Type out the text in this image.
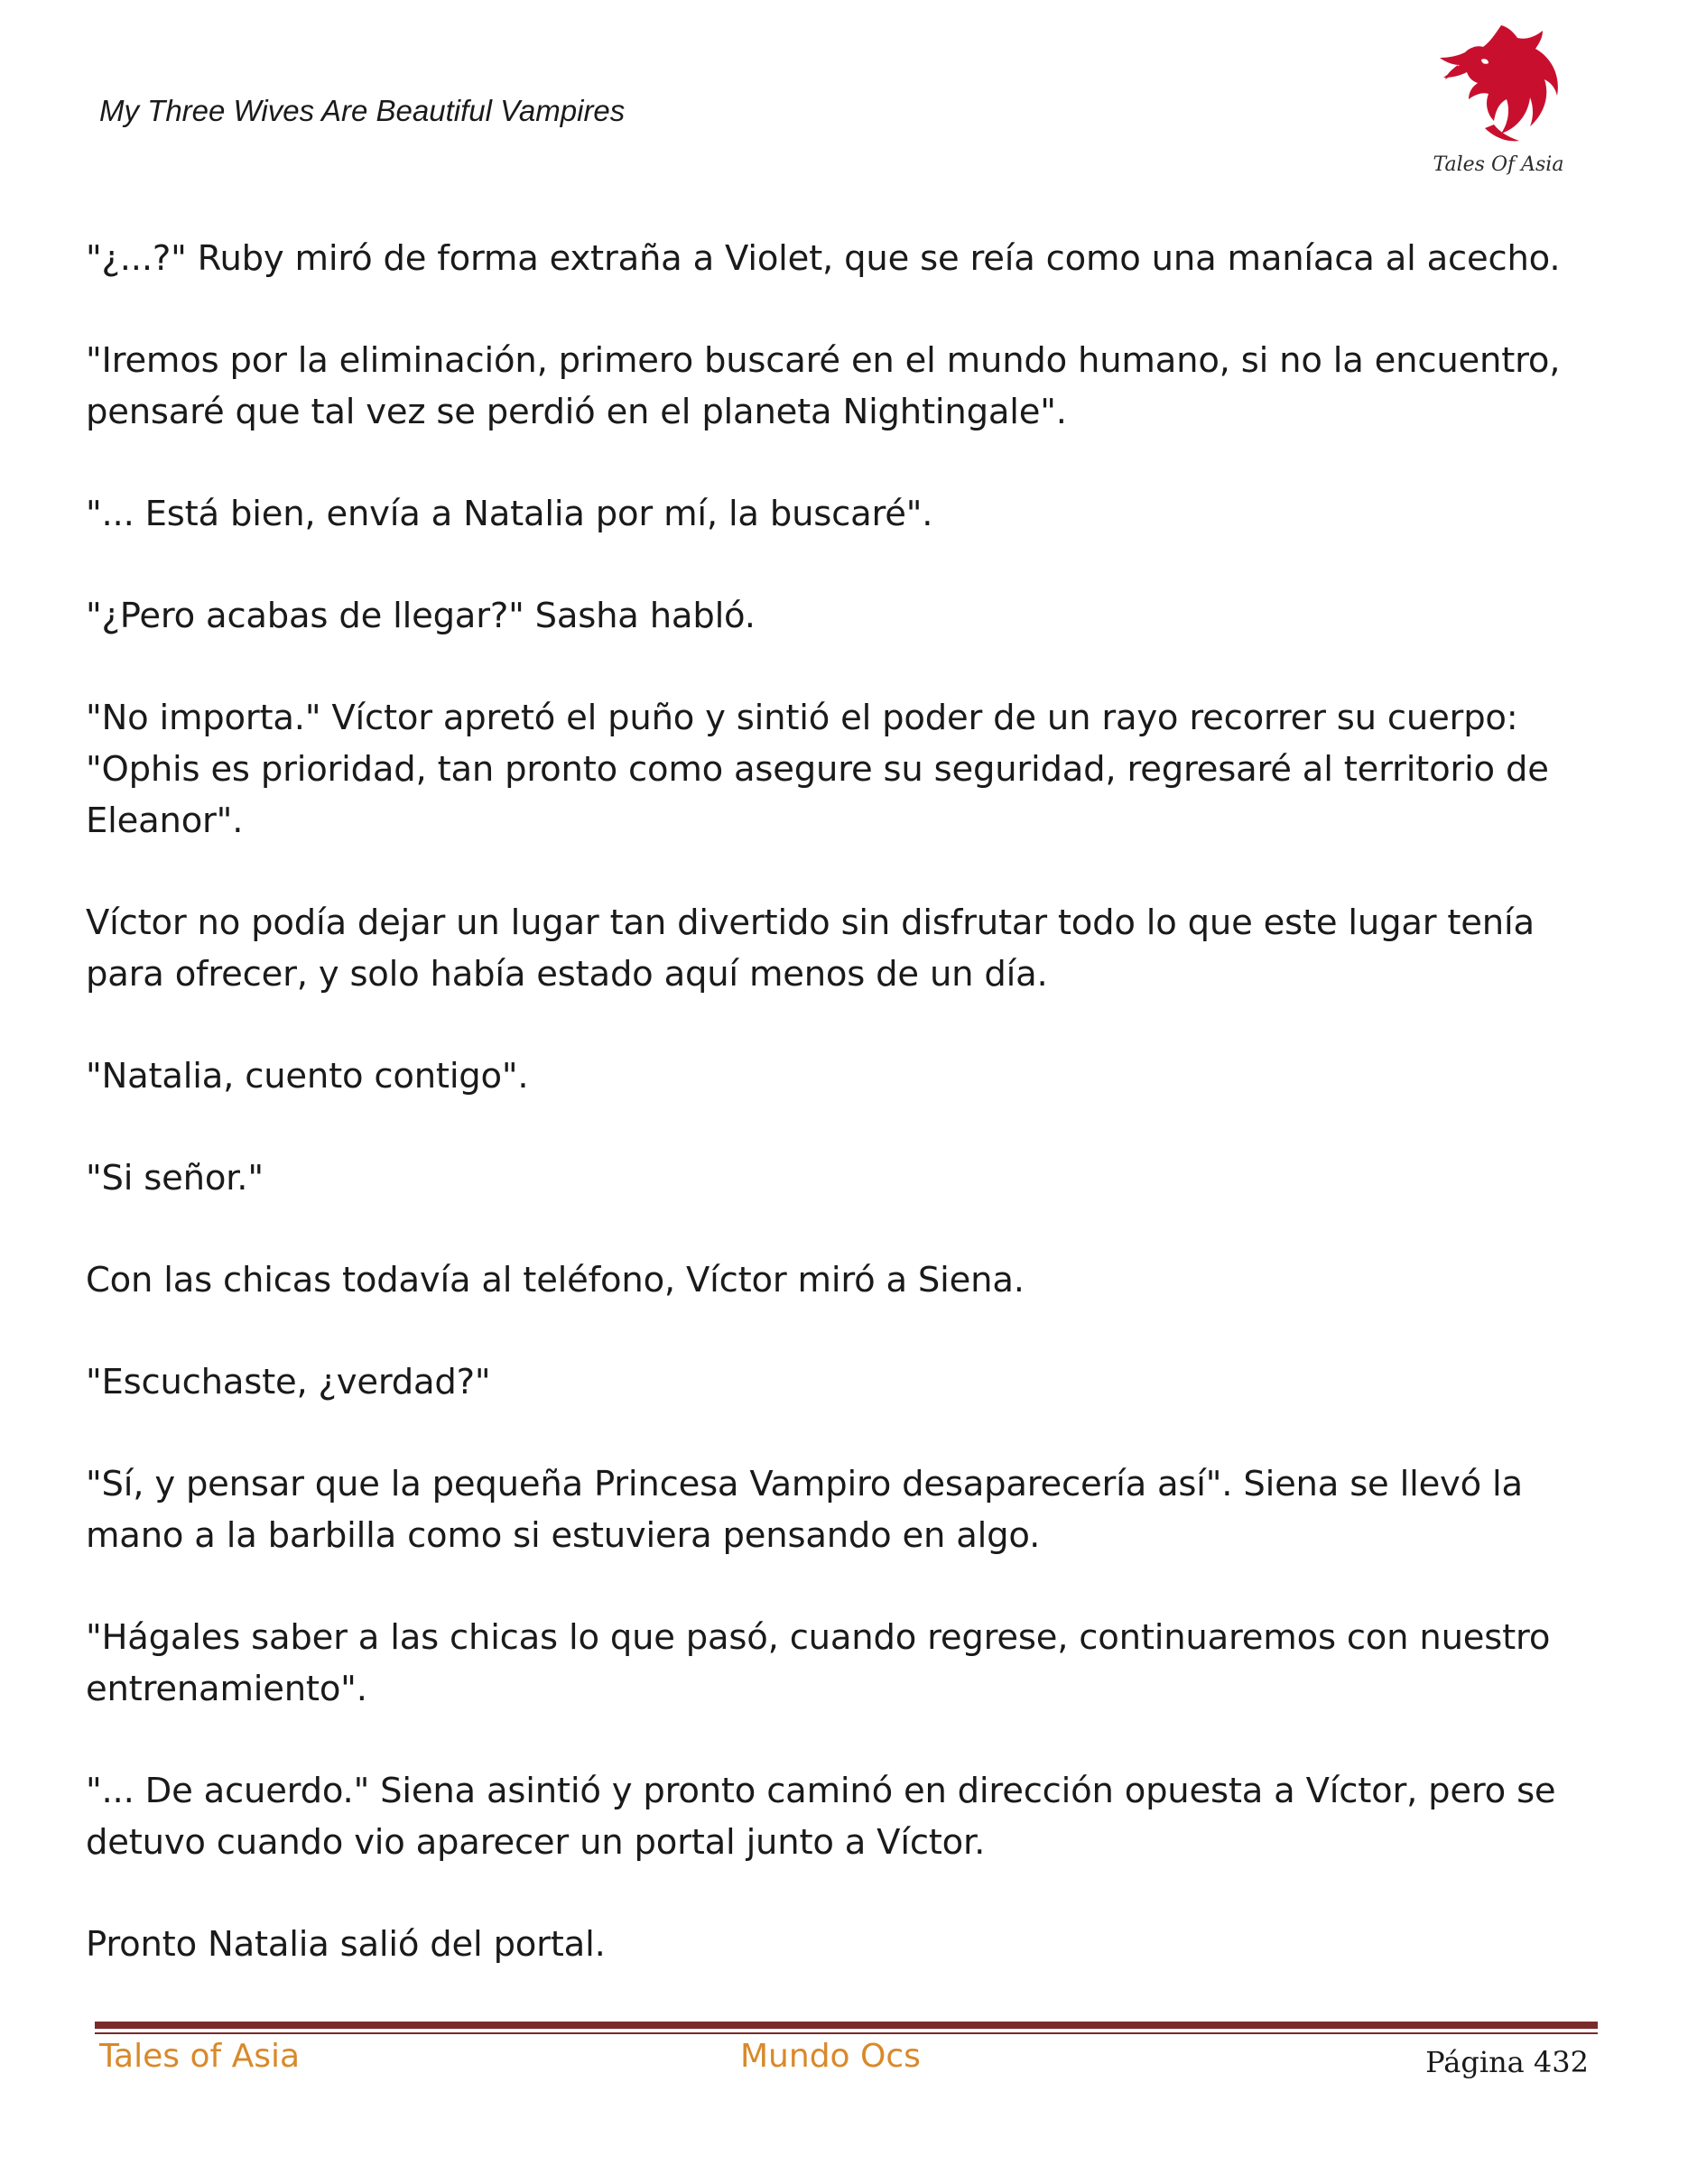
My Three Wives Are Beautiful Vampires
Tales Of Asia

"¿...?" Ruby miró de forma extraña a Violet, que se reía como una maníaca al acecho.

"Iremos por la eliminación, primero buscaré en el mundo humano, si no la encuentro, pensaré que tal vez se perdió en el planeta Nightingale".

"... Está bien, envía a Natalia por mí, la buscaré".

"¿Pero acabas de llegar?" Sasha habló.

"No importa." Víctor apretó el puño y sintió el poder de un rayo recorrer su cuerpo: "Ophis es prioridad, tan pronto como asegure su seguridad, regresaré al territorio de Eleanor".

Víctor no podía dejar un lugar tan divertido sin disfrutar todo lo que este lugar tenía para ofrecer, y solo había estado aquí menos de un día.

"Natalia, cuento contigo".

"Si señor."

Con las chicas todavía al teléfono, Víctor miró a Siena.

"Escuchaste, ¿verdad?"

"Sí, y pensar que la pequeña Princesa Vampiro desaparecería así". Siena se llevó la mano a la barbilla como si estuviera pensando en algo.

"Hágales saber a las chicas lo que pasó, cuando regrese, continuaremos con nuestro entrenamiento".

"... De acuerdo." Siena asintió y pronto caminó en dirección opuesta a Víctor, pero se detuvo cuando vio aparecer un portal junto a Víctor.

Pronto Natalia salió del portal.

Tales of Asia	Mundo Ocs	Página 432
